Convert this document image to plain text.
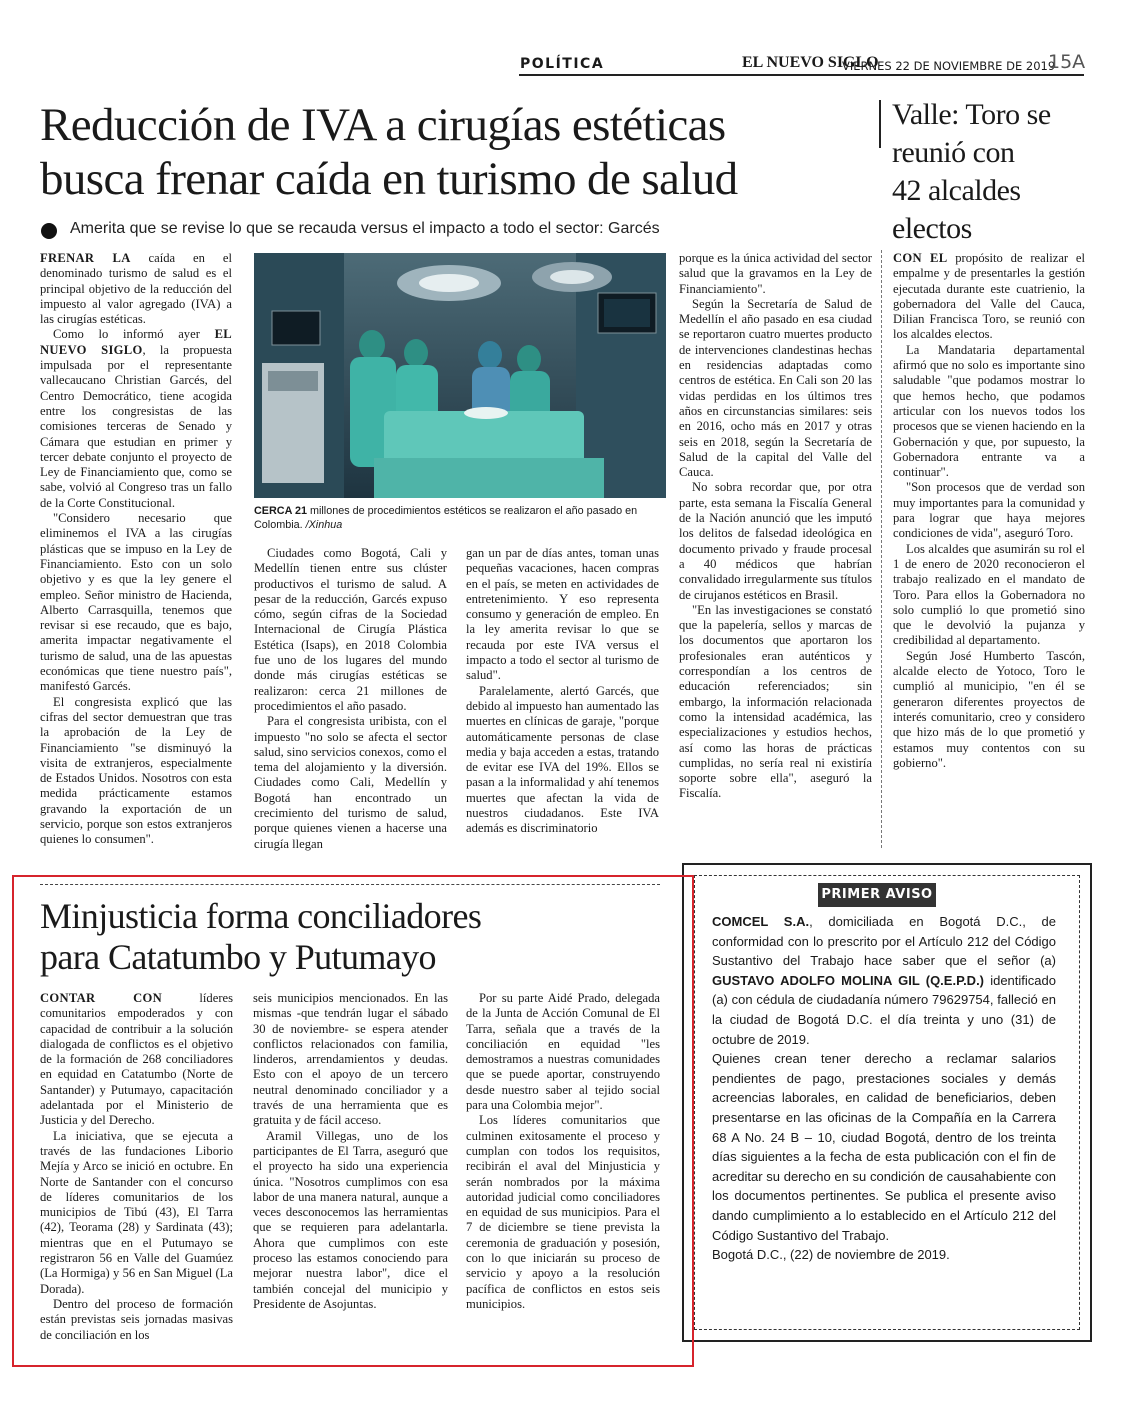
POLÍTICA	EL NUEVO SIGLO
VIERNES 22 DE NOVIEMBRE DE 2019
15A
Reducción de IVA a cirugías estéticas
busca frenar caída en turismo de salud
Amerita que se revise lo que se recauda versus el impacto a todo el sector: Garcés

FRENAR LA caída en el denominado turismo de salud es el principal objetivo de la reducción del impuesto al valor agregado (IVA) a las cirugías estéticas.

Como lo informó ayer EL NUEVO SIGLO, la propuesta impulsada por el representante vallecaucano Christian Garcés, del Centro Democrático, tiene acogida entre los congresistas de las comisiones terceras de Senado y Cámara que estudian en primer y tercer debate conjunto el proyecto de Ley de Financiamiento que, como se sabe, volvió al Congreso tras un fallo de la Corte Constitucional.

"Considero necesario que eliminemos el IVA a las cirugías plásticas que se impuso en la Ley de Financiamiento. Esto con un solo objetivo y es que la ley genere el empleo. Señor ministro de Hacienda, Alberto Carrasquilla, tenemos que revisar si ese recaudo, que es bajo, amerita impactar negativamente el turismo de salud, una de las apuestas económicas que tiene nuestro país", manifestó Garcés.

El congresista explicó que las cifras del sector demuestran que tras la aprobación de la Ley de Financiamiento "se disminuyó la visita de extranjeros, especialmente de Estados Unidos. Nosotros con esta medida prácticamente estamos gravando la exportación de un servicio, porque son estos extranjeros quienes lo consumen".

CERCA 21 millones de procedimientos estéticos se realizaron el año pasado en Colombia. /Xinhua

Ciudades como Bogotá, Cali y Medellín tienen entre sus clúster productivos el turismo de salud. A pesar de la reducción, Garcés expuso cómo, según cifras de la Sociedad Internacional de Cirugía Plástica Estética (Isaps), en 2018 Colombia fue uno de los lugares del mundo donde más cirugías estéticas se realizaron: cerca 21 millones de procedimientos el año pasado.

Para el congresista uribista, con el impuesto "no solo se afecta el sector salud, sino servicios conexos, como el tema del alojamiento y la diversión. Ciudades como Cali, Medellín y Bogotá han encontrado un crecimiento del turismo de salud, porque quienes vienen a hacerse una cirugía llegan

gan un par de días antes, toman unas pequeñas vacaciones, hacen compras en el país, se meten en actividades de entretenimiento. Y eso representa consumo y generación de empleo. En la ley amerita revisar lo que se recauda por este IVA versus el impacto a todo el sector al turismo de salud".

Paralelamente, alertó Garcés, que debido al impuesto han aumentado las muertes en clínicas de garaje, "porque automáticamente personas de clase media y baja acceden a estas, tratando de evitar ese IVA del 19%. Ellos se pasan a la informalidad y ahí tenemos muertes que afectan la vida de nuestros ciudadanos. Este IVA además es discriminatorio

porque es la única actividad del sector salud que la gravamos en la Ley de Financiamiento".

Según la Secretaría de Salud de Medellín el año pasado en esa ciudad se reportaron cuatro muertes producto de intervenciones clandestinas hechas en residencias adaptadas como centros de estética. En Cali son 20 las vidas perdidas en los últimos tres años en circunstancias similares: seis en 2016, ocho más en 2017 y otras seis en 2018, según la Secretaría de Salud de la capital del Valle del Cauca.

No sobra recordar que, por otra parte, esta semana la Fiscalía General de la Nación anunció que les imputó los delitos de falsedad ideológica en documento privado y fraude procesal a 40 médicos que habrían convalidado irregularmente sus títulos de cirujanos estéticos en Brasil.

"En las investigaciones se constató que la papelería, sellos y marcas de los documentos que aportaron los profesionales eran auténticos y correspondían a los centros de educación referenciados; sin embargo, la información relacionada como la intensidad académica, las especializaciones y estudios hechos, así como las horas de prácticas cumplidas, no sería real ni existiría soporte sobre ella", aseguró la Fiscalía.

Valle: Toro se
reunió con
42 alcaldes
electos

CON EL propósito de realizar el empalme y de presentarles la gestión ejecutada durante este cuatrienio, la gobernadora del Valle del Cauca, Dilian Francisca Toro, se reunió con los alcaldes electos.

La Mandataria departamental afirmó que no solo es importante sino saludable "que podamos mostrar lo que hemos hecho, que podamos articular con los nuevos todos los procesos que se vienen haciendo en la Gobernación y que, por supuesto, la Gobernadora entrante va a continuar".

"Son procesos que de verdad son muy importantes para la comunidad y para lograr que haya mejores condiciones de vida", aseguró Toro.

Los alcaldes que asumirán su rol el 1 de enero de 2020 reconocieron el trabajo realizado en el mandato de Toro. Para ellos la Gobernadora no solo cumplió lo que prometió sino que le devolvió la pujanza y credibilidad al departamento.

Según José Humberto Tascón, alcalde electo de Yotoco, Toro le cumplió al municipio, "en él se generaron diferentes proyectos de interés comunitario, creo y considero que hizo más de lo que prometió y estamos muy contentos con su gobierno".

Minjusticia forma conciliadores
para Catatumbo y Putumayo

CONTAR CON líderes comunitarios empoderados y con capacidad de contribuir a la solución dialogada de conflictos es el objetivo de la formación de 268 conciliadores en equidad en Catatumbo (Norte de Santander) y Putumayo, capacitación adelantada por el Ministerio de Justicia y del Derecho.

La iniciativa, que se ejecuta a través de las fundaciones Liborio Mejía y Arco se inició en octubre. En Norte de Santander con el concurso de líderes comunitarios de los municipios de Tibú (43), El Tarra (42), Teorama (28) y Sardinata (43); mientras que en el Putumayo se registraron 56 en Valle del Guamúez (La Hormiga) y 56 en San Miguel (La Dorada).

Dentro del proceso de formación están previstas seis jornadas masivas de conciliación en los

seis municipios mencionados. En las mismas -que tendrán lugar el sábado 30 de noviembre- se espera atender conflictos relacionados con familia, linderos, arrendamientos y deudas. Esto con el apoyo de un tercero neutral denominado conciliador y a través de una herramienta que es gratuita y de fácil acceso.

Aramil Villegas, uno de los participantes de El Tarra, aseguró que el proyecto ha sido una experiencia única. "Nosotros cumplimos con esa labor de una manera natural, aunque a veces desconocemos las herramientas que se requieren para adelantarla. Ahora que cumplimos con este proceso las estamos conociendo para mejorar nuestra labor", dice el también concejal del municipio y Presidente de Asojuntas.

Por su parte Aidé Prado, delegada de la Junta de Acción Comunal de El Tarra, señala que a través de la conciliación en equidad "les demostramos a nuestras comunidades que se puede aportar, construyendo desde nuestro saber al tejido social para una Colombia mejor".

Los líderes comunitarios que culminen exitosamente el proceso y cumplan con todos los requisitos, recibirán el aval del Minjusticia y serán nombrados por la máxima autoridad judicial como conciliadores en equidad de sus municipios. Para el 7 de diciembre se tiene prevista la ceremonia de graduación y posesión, con lo que iniciarán su proceso de servicio y apoyo a la resolución pacífica de conflictos en estos seis municipios.

PRIMER AVISO

COMCEL S.A., domiciliada en Bogotá D.C., de conformidad con lo prescrito por el Artículo 212 del Código Sustantivo del Trabajo hace saber que el señor (a) GUSTAVO ADOLFO MOLINA GIL (Q.E.P.D.) identificado (a) con cédula de ciudadanía número 79629754, falleció en la ciudad de Bogotá D.C. el día treinta y uno (31) de octubre de 2019.

Quienes crean tener derecho a reclamar salarios pendientes de pago, prestaciones sociales y demás acreencias laborales, en calidad de beneficiarios, deben presentarse en las oficinas de la Compañía en la Carrera 68 A No. 24 B – 10, ciudad Bogotá, dentro de los treinta días siguientes a la fecha de esta publicación con el fin de acreditar su derecho en su condición de causahabiente con los documentos pertinentes. Se publica el presente aviso dando cumplimiento a lo establecido en el Artículo 212 del Código Sustantivo del Trabajo.

Bogotá D.C., (22) de noviembre de 2019.
